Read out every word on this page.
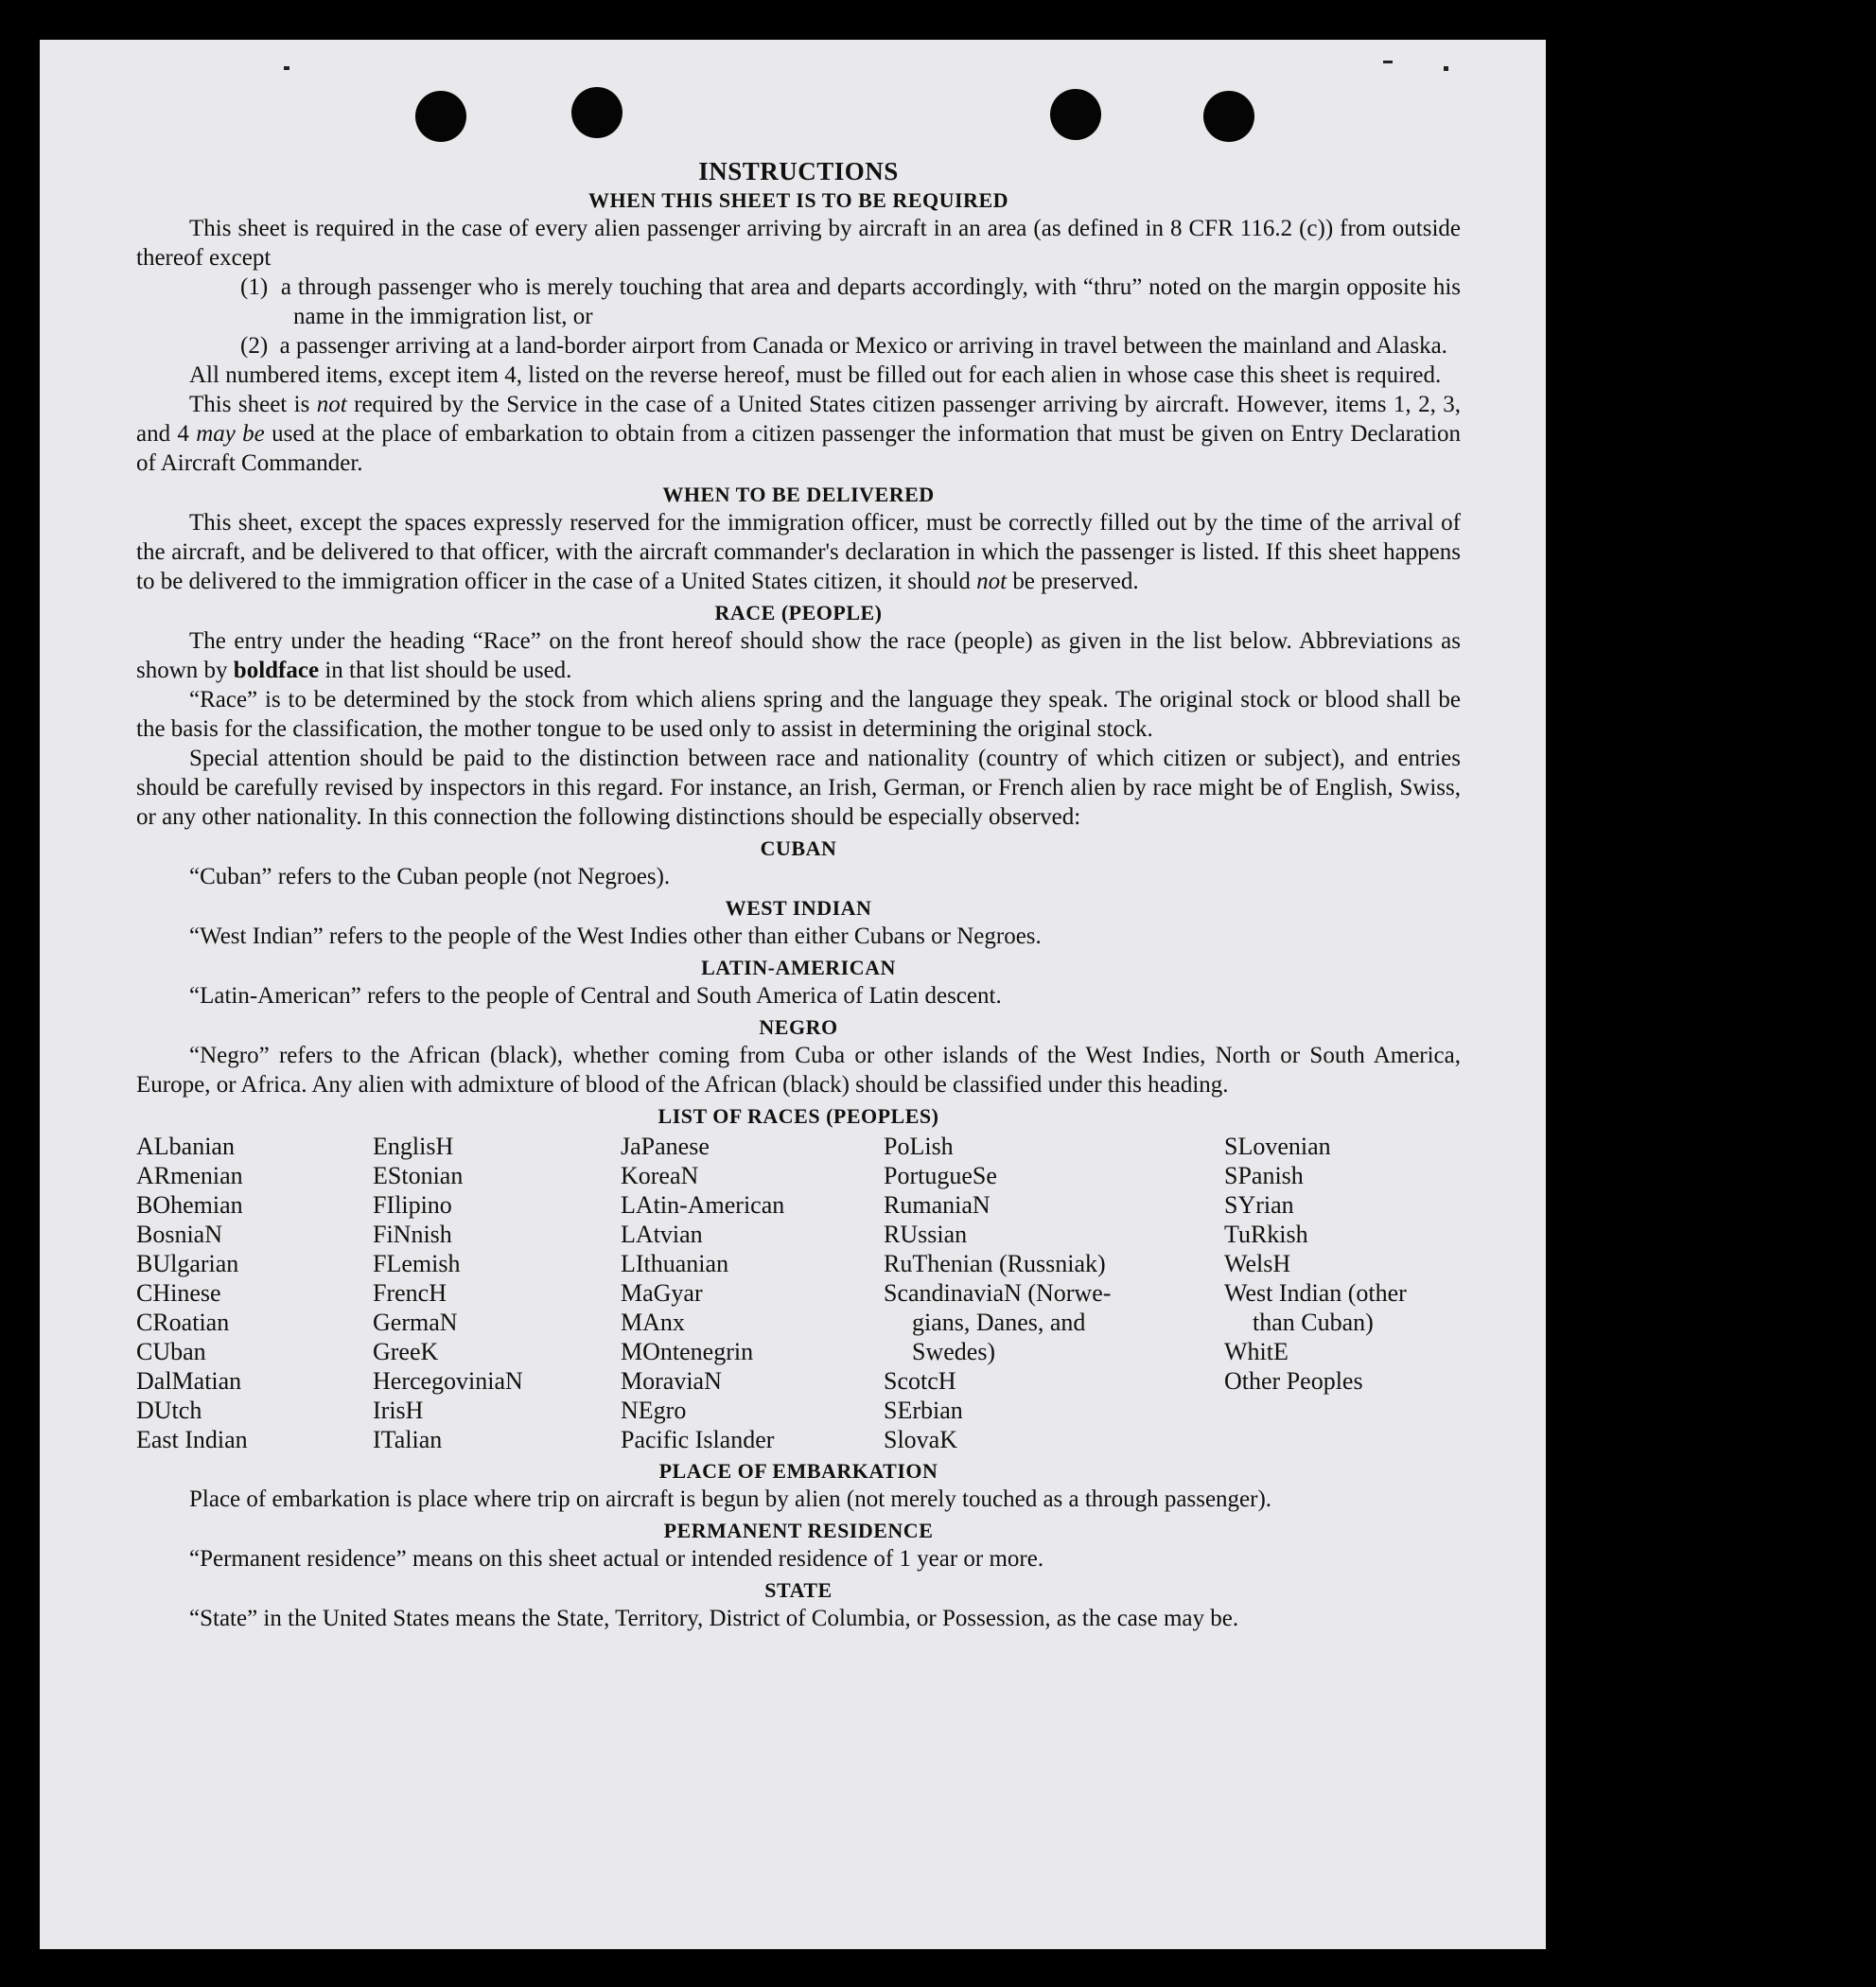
INSTRUCTIONS
WHEN THIS SHEET IS TO BE REQUIRED

This sheet is required in the case of every alien passenger arriving by aircraft in an area (as defined in 8 CFR 116.2 (c)) from outside thereof except

(1) a through passenger who is merely touching that area and departs accordingly, with “thru” noted on the margin opposite his name in the immigration list, or

(2) a passenger arriving at a land-border airport from Canada or Mexico or arriving in travel between the mainland and Alaska.

All numbered items, except item 4, listed on the reverse hereof, must be filled out for each alien in whose case this sheet is required.

This sheet is not required by the Service in the case of a United States citizen passenger arriving by aircraft. However, items 1, 2, 3, and 4 may be used at the place of embarkation to obtain from a citizen passenger the information that must be given on Entry Declaration of Aircraft Commander.

WHEN TO BE DELIVERED

This sheet, except the spaces expressly reserved for the immigration officer, must be correctly filled out by the time of the arrival of the aircraft, and be delivered to that officer, with the aircraft commander's declaration in which the passenger is listed. If this sheet happens to be delivered to the immigration officer in the case of a United States citizen, it should not be preserved.

RACE (PEOPLE)

The entry under the heading “Race” on the front hereof should show the race (people) as given in the list below. Abbreviations as shown by boldface in that list should be used.

“Race” is to be determined by the stock from which aliens spring and the language they speak. The original stock or blood shall be the basis for the classification, the mother tongue to be used only to assist in determining the original stock.

Special attention should be paid to the distinction between race and nationality (country of which citizen or subject), and entries should be carefully revised by inspectors in this regard. For instance, an Irish, German, or French alien by race might be of English, Swiss, or any other nationality. In this connection the following distinctions should be especially observed:

CUBAN

“Cuban” refers to the Cuban people (not Negroes).

WEST INDIAN

“West Indian” refers to the people of the West Indies other than either Cubans or Negroes.

LATIN-AMERICAN

“Latin-American” refers to the people of Central and South America of Latin descent.

NEGRO

“Negro” refers to the African (black), whether coming from Cuba or other islands of the West Indies, North or South America, Europe, or Africa. Any alien with admixture of blood of the African (black) should be classified under this heading.

LIST OF RACES (PEOPLES)
ALbanian
ARmenian
BOhemian
BosniaN
BUlgarian
CHinese
CRoatian
CUban
DalMatian
DUtch
East Indian
EnglisH
EStonian
FIlipino
FiNnish
FLemish
FrencH
GermaN
GreeK
HercegoviniaN
IrisH
ITalian
JaPanese
KoreaN
LAtin-American
LAtvian
LIthuanian
MaGyar
MAnx
MOntenegrin
MoraviaN
NEgro
Pacific Islander
PoLish
PortugueSe
RumaniaN
RUssian
RuThenian (Russniak)
ScandinaviaN (Norwe-
gians, Danes, and
Swedes)
ScotcH
SErbian
SlovaK
SLovenian
SPanish
SYrian
TuRkish
WelsH
West Indian (other
than Cuban)
WhitE
Other Peoples
PLACE OF EMBARKATION

Place of embarkation is place where trip on aircraft is begun by alien (not merely touched as a through passenger).

PERMANENT RESIDENCE

“Permanent residence” means on this sheet actual or intended residence of 1 year or more.

STATE

“State” in the United States means the State, Territory, District of Columbia, or Possession, as the case may be.
